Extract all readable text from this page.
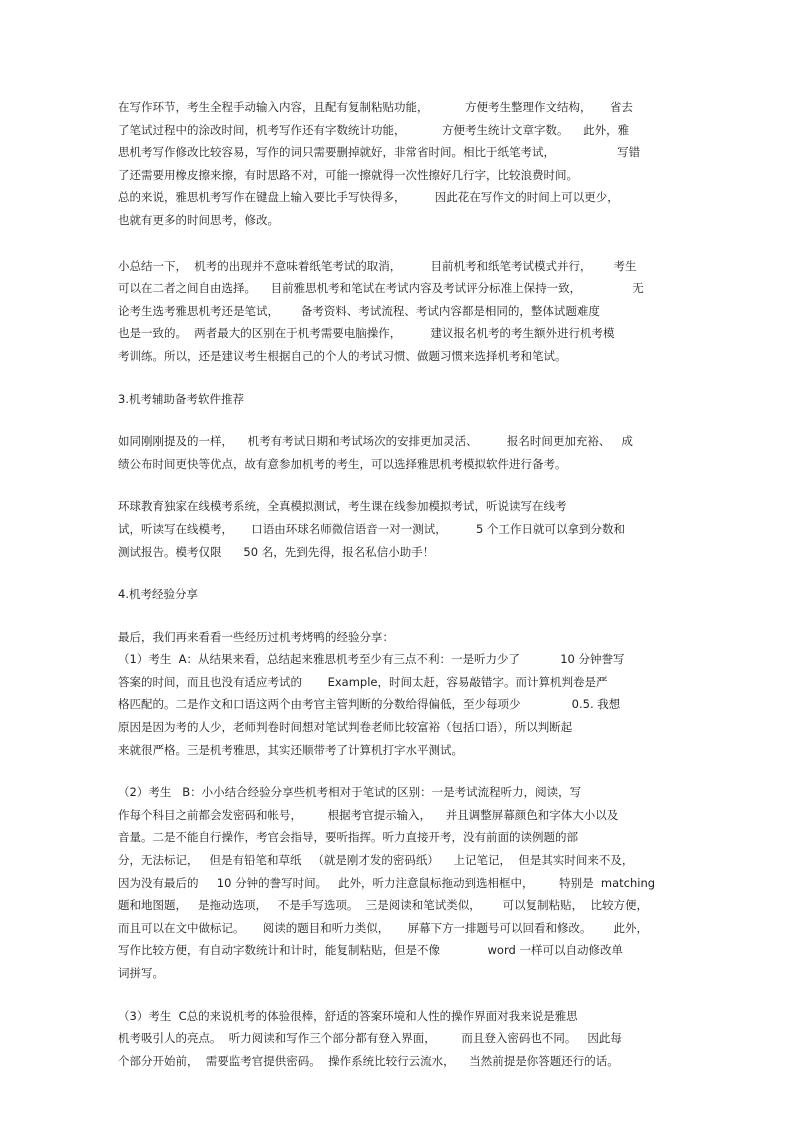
在写作环节，考生全程手动输入内容，且配有复制粘贴功能，          方便考生整理作文结构，     省去
了笔试过程中的涂改时间，机考写作还有字数统计功能，          方便考生统计文章字数。    此外，雅
思机考写作修改比较容易，写作的词只需要删掉就好，非常省时间。相比于纸笔考试，                 写错
了还需要用橡皮擦来擦，有时思路不对，可能一擦就得一次性擦好几行字，比较浪费时间。
总的来说，雅思机考写作在键盘上输入要比手写快得多，        因此花在写作文的时间上可以更少，
也就有更多的时间思考，修改。
小总结一下，  机考的出现并不意味着纸笔考试的取消，        目前机考和纸笔考试模式并行，      考生
可以在二者之间自由选择。    目前雅思机考和笔试在考试内容及考试评分标准上保持一致，              无
论考生选考雅思机考还是笔试，      备考资料、考试流程、考试内容都是相同的，整体试题难度
也是一致的。  两者最大的区别在于机考需要电脑操作，        建议报名机考的考生额外进行机考模
考训练。所以，还是建议考生根据自己的个人的考试习惯、做题习惯来选择机考和笔试。
3.机考辅助备考软件推荐
如同刚刚提及的一样，    机考有考试日期和考试场次的安排更加灵活、        报名时间更加充裕、   成
绩公布时间更快等优点，故有意参加机考的考生，可以选择雅思机考模拟软件进行备考。
环球教育独家在线模考系统，全真模拟测试，考生课在线参加模拟考试，听说读写在线考
试，听读写在线模考，     口语由环球名师微信语音一对一测试，        5 个工作日就可以拿到分数和
测试报告。模考仅限      50 名，先到先得，报名私信小助手！
4.机考经验分享
最后，我们再来看看一些经历过机考烤鸭的经验分享：
（1）考生  A：从结果来看，总结起来雅思机考至少有三点不利：一是听力少了           10 分钟誊写
答案的时间，而且也没有适应考试的       Example，时间太赶，容易敲错字。而计算机判卷是严
格匹配的。二是作文和口语这两个由考官主管判断的分数给得偏低，至少每项少              0.5. 我想
原因是因为考的人少，老师判卷时间想对笔试判卷老师比较富裕（包括口语），所以判断起
来就很严格。三是机考雅思，其实还顺带考了计算机打字水平测试。
（2）考生   B：小小结合经验分享些机考相对于笔试的区别：一是考试流程听力，阅读，写
作每个科目之前都会发密码和帐号，       根据考官提示输入，    并且调整屏幕颜色和字体大小以及
音量。二是不能自行操作，考官会指导，要听指挥。听力直接开考，没有前面的读例题的部
分，无法标记，   但是有铅笔和草纸   （就是刚才发的密码纸）    上记笔记，  但是其实时间来不及，
因为没有最后的     10 分钟的誊写时间。   此外，听力注意鼠标拖动到选相框中，       特别是  matching
题和地图题，   是拖动选项，   不是手写选项。  三是阅读和笔试类似，      可以复制粘贴，  比较方便，
而且可以在文中做标记。     阅读的题目和听力类似，     屏幕下方一排题号可以回看和修改。      此外，
写作比较方便，有自动字数统计和计时，能复制粘贴，但是不像             word 一样可以自动修改单
词拼写。
（3）考生  C总的来说机考的体验很棒，舒适的答案环境和人性的操作界面对我来说是雅思
机考吸引人的亮点。  听力阅读和写作三个部分都有登入界面，       而且登入密码也不同。   因此每
个部分开始前，  需要监考官提供密码。  操作系统比较行云流水，    当然前提是你答题还行的话。
